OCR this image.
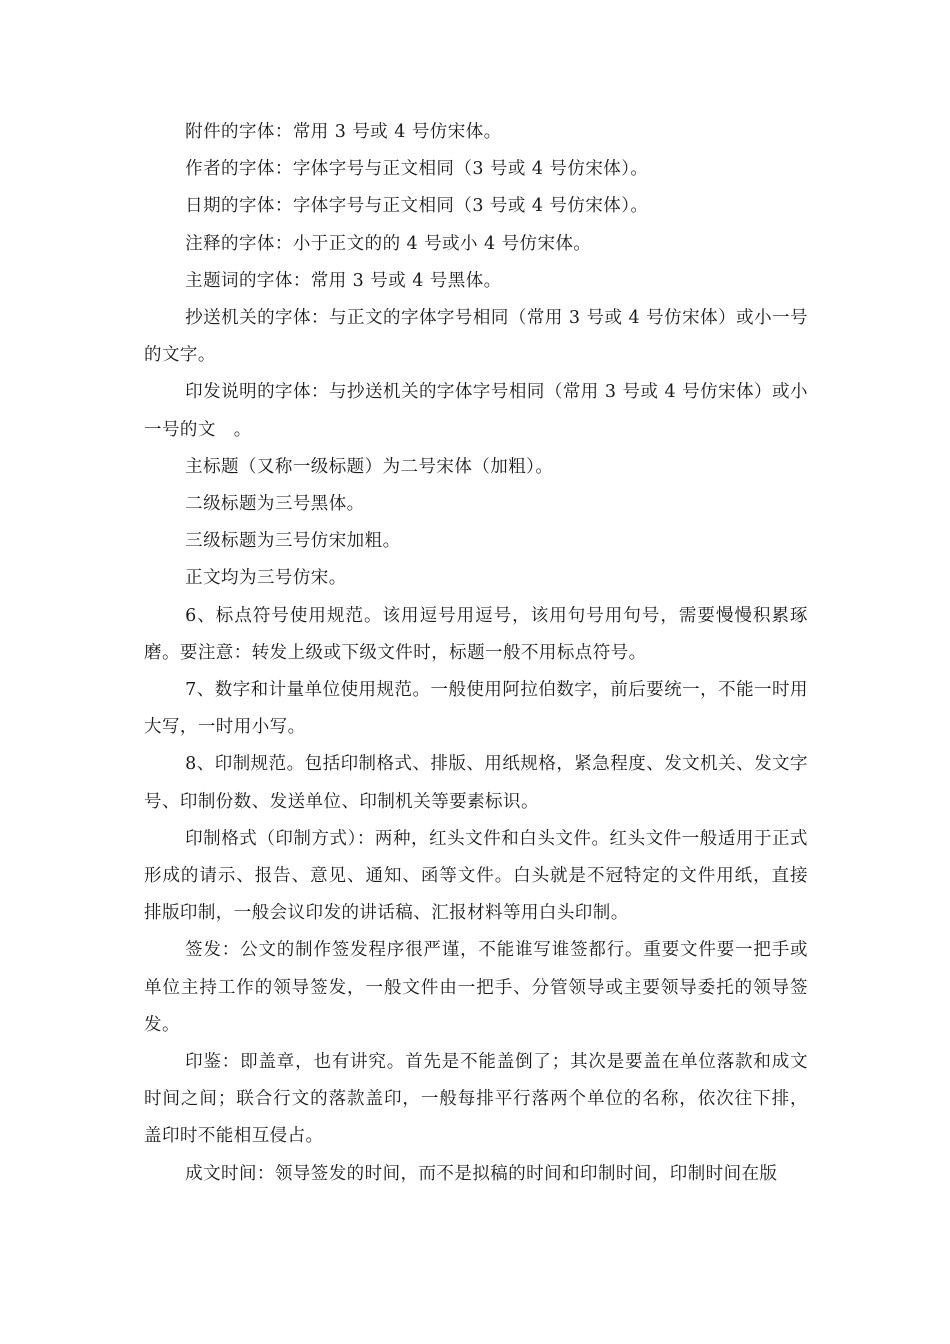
附件的字体：常用 3 号或 4 号仿宋体。

作者的字体：字体字号与正文相同（3 号或 4 号仿宋体）。

日期的字体：字体字号与正文相同（3 号或 4 号仿宋体）。

注释的字体：小于正文的的 4 号或小 4 号仿宋体。

主题词的字体：常用 3 号或 4 号黑体。

抄送机关的字体：与正文的字体字号相同（常用 3 号或 4 号仿宋体）或小一号的文字。

印发说明的字体：与抄送机关的字体字号相同（常用 3 号或 4 号仿宋体）或小一号的文　。

主标题（又称一级标题）为二号宋体（加粗）。

二级标题为三号黑体。

三级标题为三号仿宋加粗。

正文均为三号仿宋。

6、标点符号使用规范。该用逗号用逗号，该用句号用句号，需要慢慢积累琢磨。要注意：转发上级或下级文件时，标题一般不用标点符号。

7、数字和计量单位使用规范。一般使用阿拉伯数字，前后要统一，不能一时用大写，一时用小写。

8、印制规范。包括印制格式、排版、用纸规格，紧急程度、发文机关、发文字号、印制份数、发送单位、印制机关等要素标识。

印制格式（印制方式）：两种，红头文件和白头文件。红头文件一般适用于正式形成的请示、报告、意见、通知、函等文件。白头就是不冠特定的文件用纸，直接排版印制，一般会议印发的讲话稿、汇报材料等用白头印制。

签发：公文的制作签发程序很严谨，不能谁写谁签都行。重要文件要一把手或单位主持工作的领导签发，一般文件由一把手、分管领导或主要领导委托的领导签发。

印鉴：即盖章，也有讲究。首先是不能盖倒了；其次是要盖在单位落款和成文时间之间；联合行文的落款盖印，一般每排平行落两个单位的名称，依次往下排，盖印时不能相互侵占。

成文时间：领导签发的时间，而不是拟稿的时间和印制时间，印制时间在版
